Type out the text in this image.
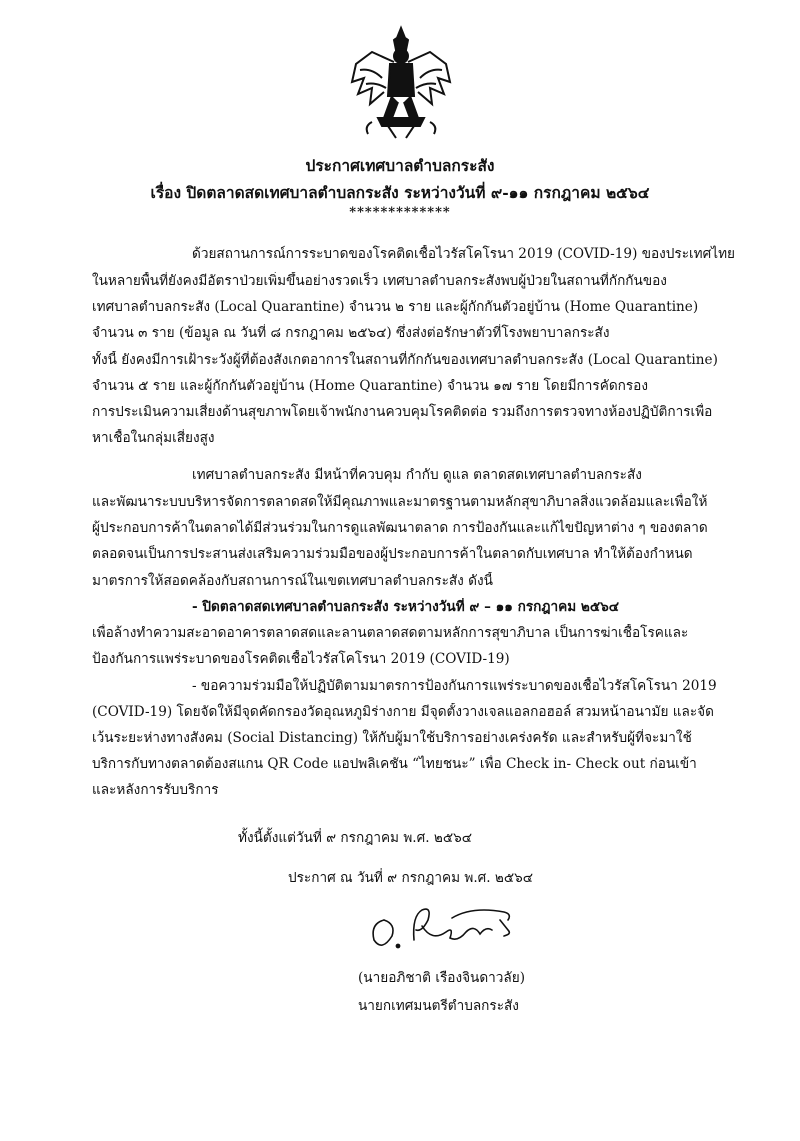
ประกาศเทศบาลตำบลกระสัง
เรื่อง ปิดตลาดสดเทศบาลตำบลกระสัง ระหว่างวันที่ ๙-๑๑ กรกฎาคม ๒๕๖๔
*************
ด้วยสถานการณ์การระบาดของโรคติดเชื้อไวรัสโคโรนา 2019 (COVID-19) ของประเทศไทย
ในหลายพื้นที่ยังคงมีอัตราป่วยเพิ่มขึ้นอย่างรวดเร็ว เทศบาลตำบลกระสังพบผู้ป่วยในสถานที่กักกันของ
เทศบาลตำบลกระสัง (Local Quarantine) จำนวน ๒ ราย และผู้กักกันตัวอยู่บ้าน (Home Quarantine)
จำนวน ๓ ราย (ข้อมูล ณ วันที่ ๘ กรกฎาคม ๒๕๖๔) ซึ่งส่งต่อรักษาตัวที่โรงพยาบาลกระสัง
ทั้งนี้ ยังคงมีการเฝ้าระวังผู้ที่ต้องสังเกตอาการในสถานที่กักกันของเทศบาลตำบลกระสัง (Local Quarantine)
จำนวน ๕ ราย และผู้กักกันตัวอยู่บ้าน (Home Quarantine) จำนวน ๑๗ ราย โดยมีการคัดกรอง
การประเมินความเสี่ยงด้านสุขภาพโดยเจ้าพนักงานควบคุมโรคติดต่อ รวมถึงการตรวจทางห้องปฏิบัติการเพื่อ
หาเชื้อในกลุ่มเสี่ยงสูง
เทศบาลตำบลกระสัง มีหน้าที่ควบคุม กำกับ ดูแล ตลาดสดเทศบาลตำบลกระสัง
และพัฒนาระบบบริหารจัดการตลาดสดให้มีคุณภาพและมาตรฐานตามหลักสุขาภิบาลสิ่งแวดล้อมและเพื่อให้
ผู้ประกอบการค้าในตลาดได้มีส่วนร่วมในการดูแลพัฒนาตลาด การป้องกันและแก้ไขปัญหาต่าง ๆ ของตลาด
ตลอดจนเป็นการประสานส่งเสริมความร่วมมือของผู้ประกอบการค้าในตลาดกับเทศบาล ทำให้ต้องกำหนด
มาตรการให้สอดคล้องกับสถานการณ์ในเขตเทศบาลตำบลกระสัง ดังนี้
- ปิดตลาดสดเทศบาลตำบลกระสัง ระหว่างวันที่ ๙ – ๑๑ กรกฎาคม ๒๕๖๔
เพื่อล้างทำความสะอาดอาคารตลาดสดและลานตลาดสดตามหลักการสุขาภิบาล เป็นการฆ่าเชื้อโรคและ
ป้องกันการแพร่ระบาดของโรคติดเชื้อไวรัสโคโรนา 2019 (COVID-19)
- ขอความร่วมมือให้ปฏิบัติตามมาตรการป้องกันการแพร่ระบาดของเชื้อไวรัสโคโรนา 2019
(COVID-19) โดยจัดให้มีจุดคัดกรองวัดอุณหภูมิร่างกาย มีจุดตั้งวางเจลแอลกอฮอล์ สวมหน้าอนามัย และจัด
เว้นระยะห่างทางสังคม (Social Distancing) ให้กับผู้มาใช้บริการอย่างเคร่งครัด และสำหรับผู้ที่จะมาใช้
บริการกับทางตลาดต้องสแกน QR Code แอปพลิเคชัน “ไทยชนะ” เพื่อ Check in- Check out ก่อนเข้า
และหลังการรับบริการ
ทั้งนี้ตั้งแต่วันที่ ๙ กรกฎาคม พ.ศ. ๒๕๖๔
ประกาศ ณ วันที่ ๙ กรกฎาคม พ.ศ. ๒๕๖๔
(นายอภิชาติ เรืองจินดาวลัย)
นายกเทศมนตรีตำบลกระสัง
